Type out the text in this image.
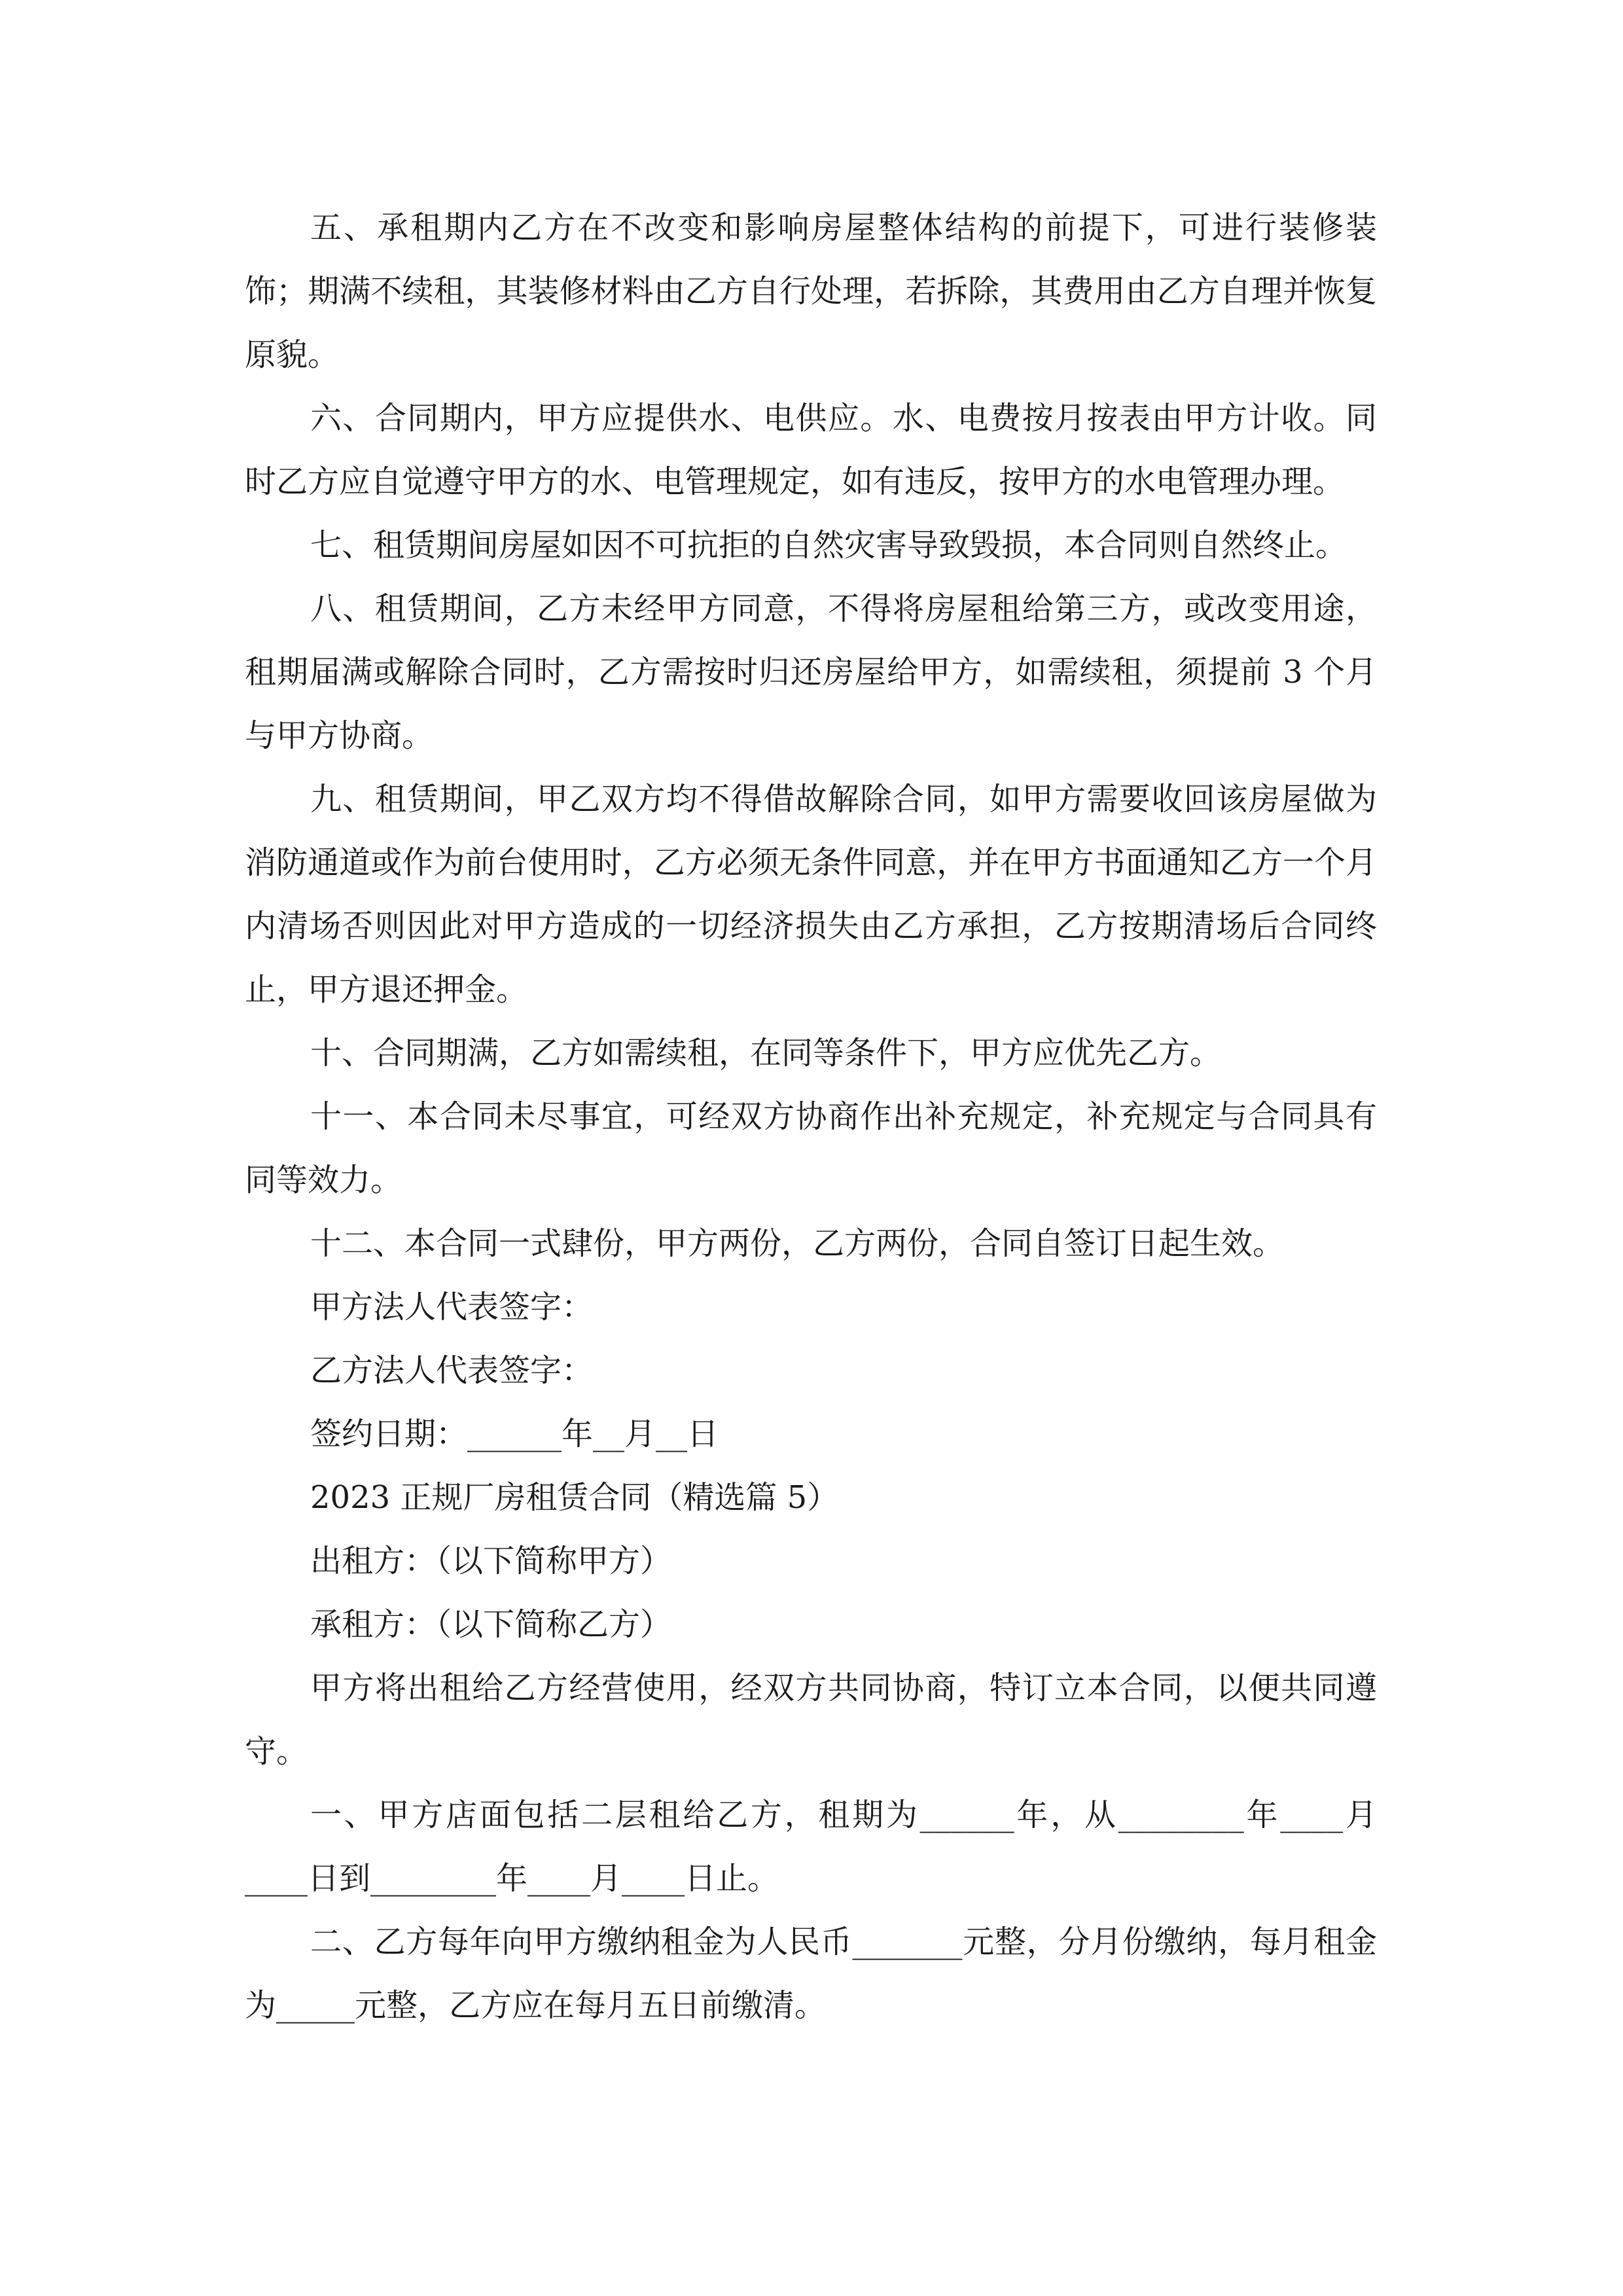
五、承租期内乙方在不改变和影响房屋整体结构的前提下，可进行装修装饰；期满不续租，其装修材料由乙方自行处理，若拆除，其费用由乙方自理并恢复原貌。

六、合同期内，甲方应提供水、电供应。水、电费按月按表由甲方计收。同时乙方应自觉遵守甲方的水、电管理规定，如有违反，按甲方的水电管理办理。

七、租赁期间房屋如因不可抗拒的自然灾害导致毁损，本合同则自然终止。

八、租赁期间，乙方未经甲方同意，不得将房屋租给第三方，或改变用途，租期届满或解除合同时，乙方需按时归还房屋给甲方，如需续租，须提前 3 个月与甲方协商。

九、租赁期间，甲乙双方均不得借故解除合同，如甲方需要收回该房屋做为消防通道或作为前台使用时，乙方必须无条件同意，并在甲方书面通知乙方一个月内清场否则因此对甲方造成的一切经济损失由乙方承担，乙方按期清场后合同终止，甲方退还押金。

十、合同期满，乙方如需续租，在同等条件下，甲方应优先乙方。

十一、本合同未尽事宜，可经双方协商作出补充规定，补充规定与合同具有同等效力。

十二、本合同一式肆份，甲方两份，乙方两份，合同自签订日起生效。

甲方法人代表签字：

乙方法人代表签字：

签约日期：______年__月__日

2023 正规厂房租赁合同（精选篇 5）

出租方：（以下简称甲方）

承租方：（以下简称乙方）

甲方将出租给乙方经营使用，经双方共同协商，特订立本合同，以便共同遵守。

一、甲方店面包括二层租给乙方，租期为______年，从________年____月____日到________年____月____日止。

二、乙方每年向甲方缴纳租金为人民币_______元整，分月份缴纳，每月租金为_____元整，乙方应在每月五日前缴清。
